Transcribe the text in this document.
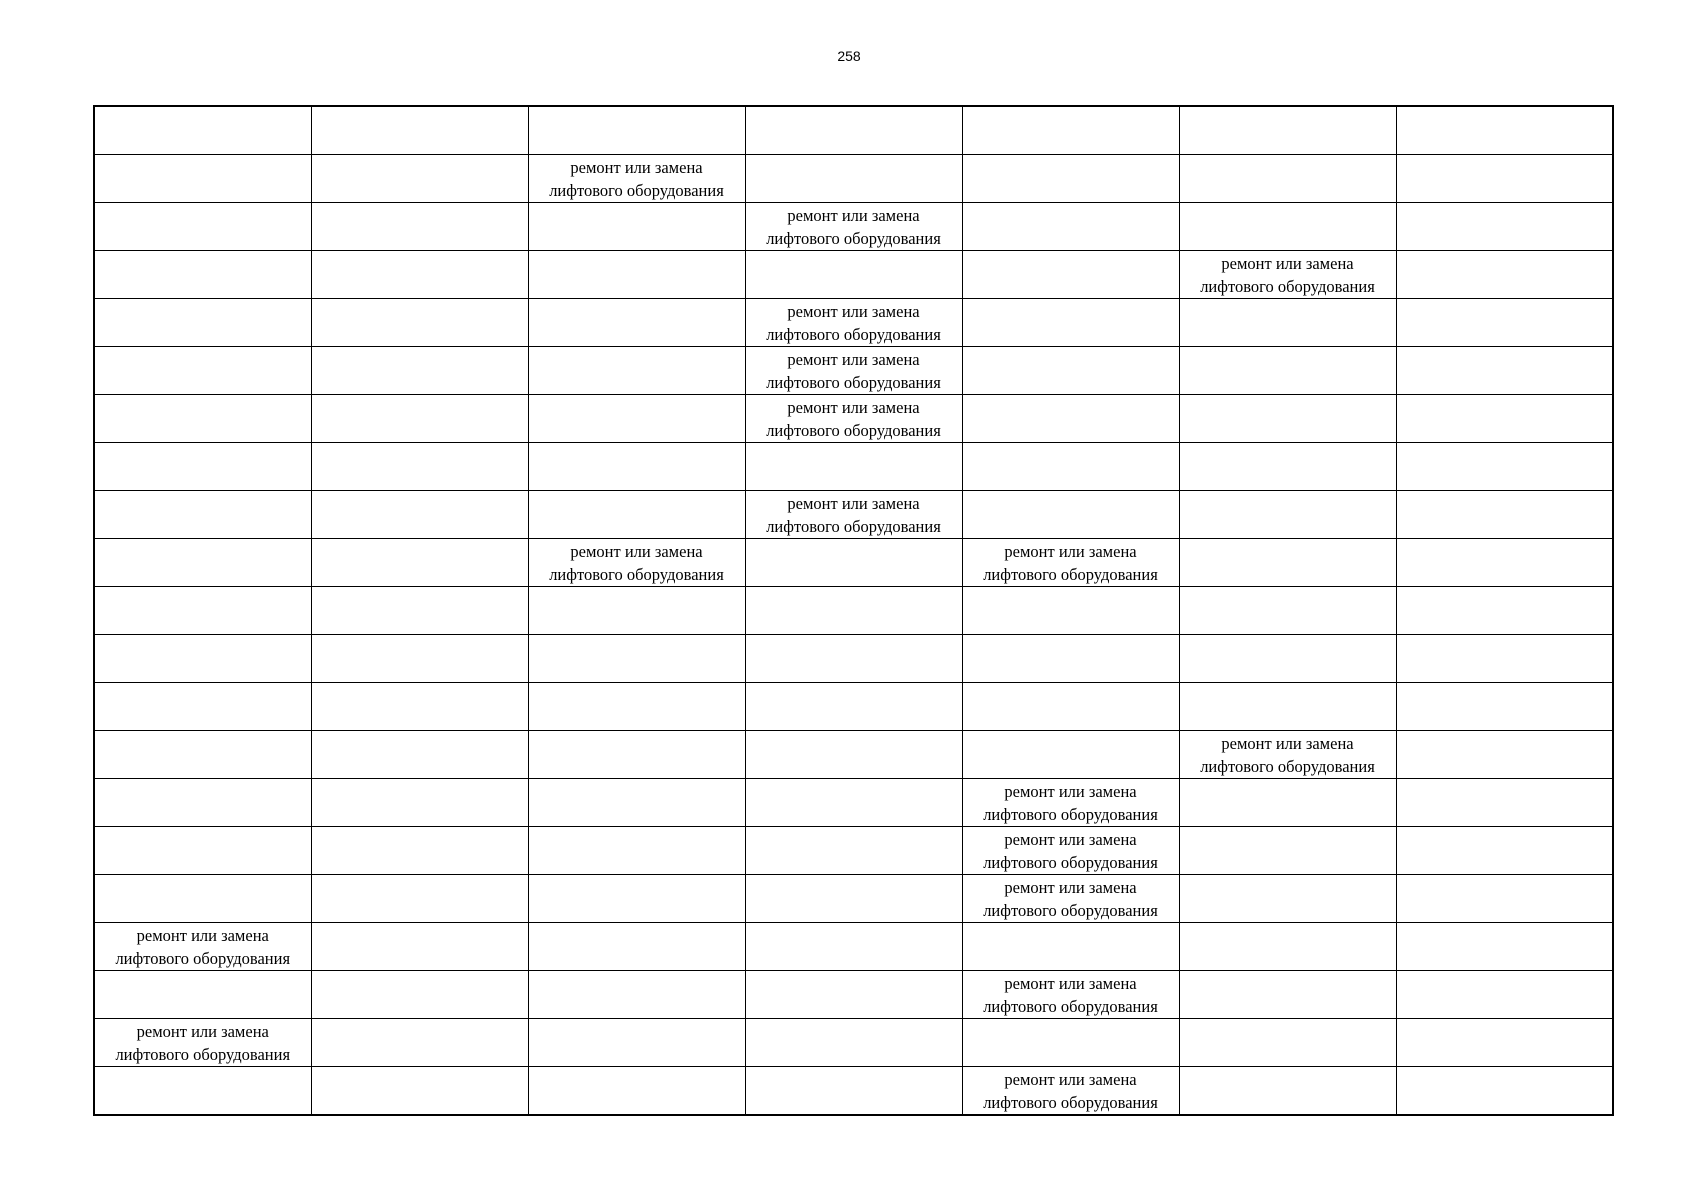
258

		ремонт или замена
лифтового оборудования				

			ремонт или замена
лифтового оборудования			

					ремонт или замена
лифтового оборудования	

			ремонт или замена
лифтового оборудования			

			ремонт или замена
лифтового оборудования			

			ремонт или замена
лифтового оборудования			

			ремонт или замена
лифтового оборудования			

		ремонт или замена
лифтового оборудования		ремонт или замена
лифтового оборудования		

					ремонт или замена
лифтового оборудования	

				ремонт или замена
лифтового оборудования		

				ремонт или замена
лифтового оборудования		

				ремонт или замена
лифтового оборудования		

ремонт или замена
лифтового оборудования						

				ремонт или замена
лифтового оборудования		

ремонт или замена
лифтового оборудования						

				ремонт или замена
лифтового оборудования		
